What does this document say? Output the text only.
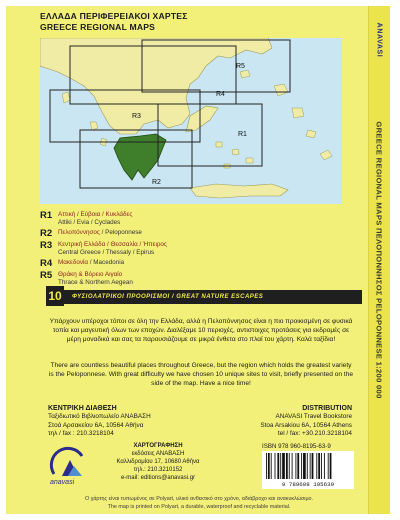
GREECE REGIONAL MAPS ΠΕΛΟΠΟΝΝΗΣΟΣ PELOPONNESE 1:200 000
ANAVASI
ΕΛΛΑΔΑ ΠΕΡΙΦΕΡΕΙΑΚΟΙ ΧΑΡΤΕΣ
GREECE REGIONAL MAPS
R5
R4
R3
R1
R2
R1 Αττική / Εύβοια / Κυκλάδες
Attiki / Evia / Cyclades
R2 Πελοπόννησος / Peloponnese
R3 Κεντρική Ελλάδα / Θεσσαλία / Ήπειρος
Central Greece / Thessaly / Epirus
R4 Μακεδονία / Macedonia
R5 Θράκη & Βόρειο Αιγαίο
Thrace & Northern Aegean
ΦΥΣΙΟΛΑΤΡΙΚΟΙ ΠΡΟΟΡΙΣΜΟΙ / GREAT NATURE ESCAPES
10

Υπάρχουν υπέροχοι τόποι σε όλη την Ελλάδα, αλλά η Πελοπόννησος είναι η πιο προικισμένη σε φυσικά τοπία και μαγευτική όλων των εποχών. Διαλέξαμε 10 περιοχές, αντιστοιχες προτάσεις για εκδρομές σε μέρη μοναδικά και σας τα παρουσιάζουμε σε μικρά ένθετα στο πλαί του χάρτη. Καλά ταξίδια!

There are countless beautiful places throughout Greece, but the region which holds the greatest variety is the Peloponnese. With great difficulty we have chosen 10 unique sites to visit, briefly presented on the side of the map. Have a nice time!

ΚΕΝΤΡΙΚΗ ΔΙΑΘΕΣΗ
Ταξιδιωτικό Βιβλιοπωλείο ΑΝΑΒΑΣΗ
Στοά Αρσακείου 6Α, 10564 Αθήνα
τηλ / fax : 210.3218104
DISTRIBUTION
ANAVASI Travel Bookstore
Stoa Arsakiou 6A, 10564 Athens
tel / fax: +30.210.3218104
anavasi
ΧΑΡΤΟΓΡΑΦΗΣΗ
εκδόσεις ΑΝΑΒΑΣΗ
Καλλιδρομίου 17, 10680 Αθήνα
τηλ.: 210.3210152
e-mail: editions@anavasi.gr
ISBN 978 960-8195-63-9
9 789608 195639
Ο χάρτης είναι τυπωμένος σε Polyart, υλικό ανθεκτικό στο χρόνο, αδιάβροχο και ανακυκλώσιμο.
The map is printed on Polyart, a durable, waterproof and recyclable material.
